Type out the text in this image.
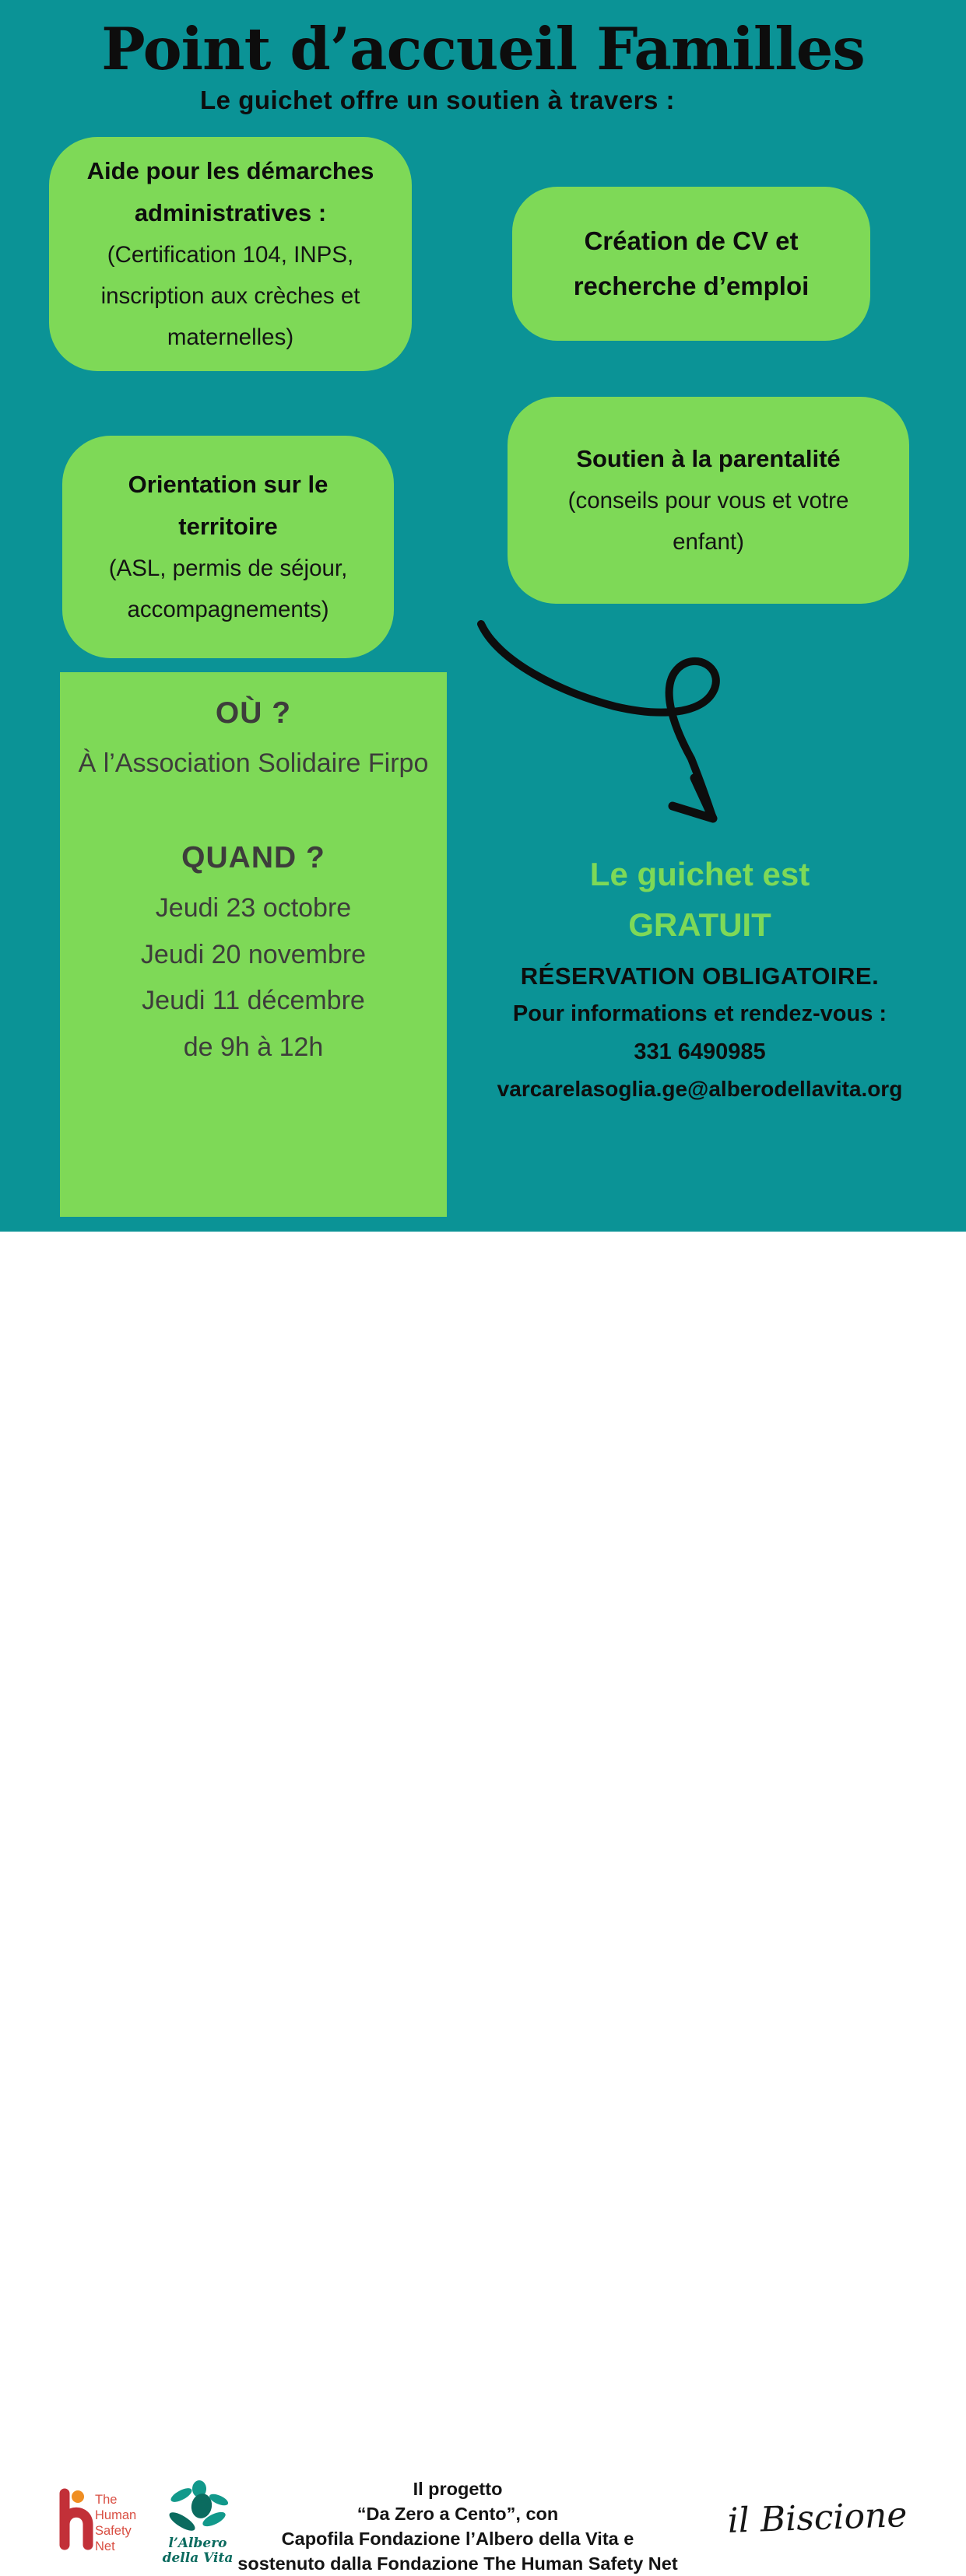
Point d’accueil Familles
Le guichet offre un soutien à travers :
Aide pour les démarches administratives :
(Certification 104, INPS, inscription aux crèches et maternelles)
Création de CV et recherche d’emploi
Orientation sur le territoire
(ASL, permis de séjour, accompagnements)
Soutien à la parentalité
(conseils pour vous et votre enfant)
OÙ ?
À l’Association Solidaire Firpo
QUAND ?
Jeudi 23 octobre
Jeudi 20 novembre
Jeudi 11 décembre
de 9h à 12h
Le guichet est
GRATUIT
RÉSERVATION OBLIGATOIRE.
Pour informations et rendez-vous :
331 6490985
varcarelasoglia.ge@alberodellavita.org
The
Human
Safety
Net	l’Albero
della Vita
Il progetto
“Da Zero a Cento”, con
Capofila Fondazione l’Albero della Vita e
sostenuto dalla Fondazione The Human Safety Net
il Biscione
